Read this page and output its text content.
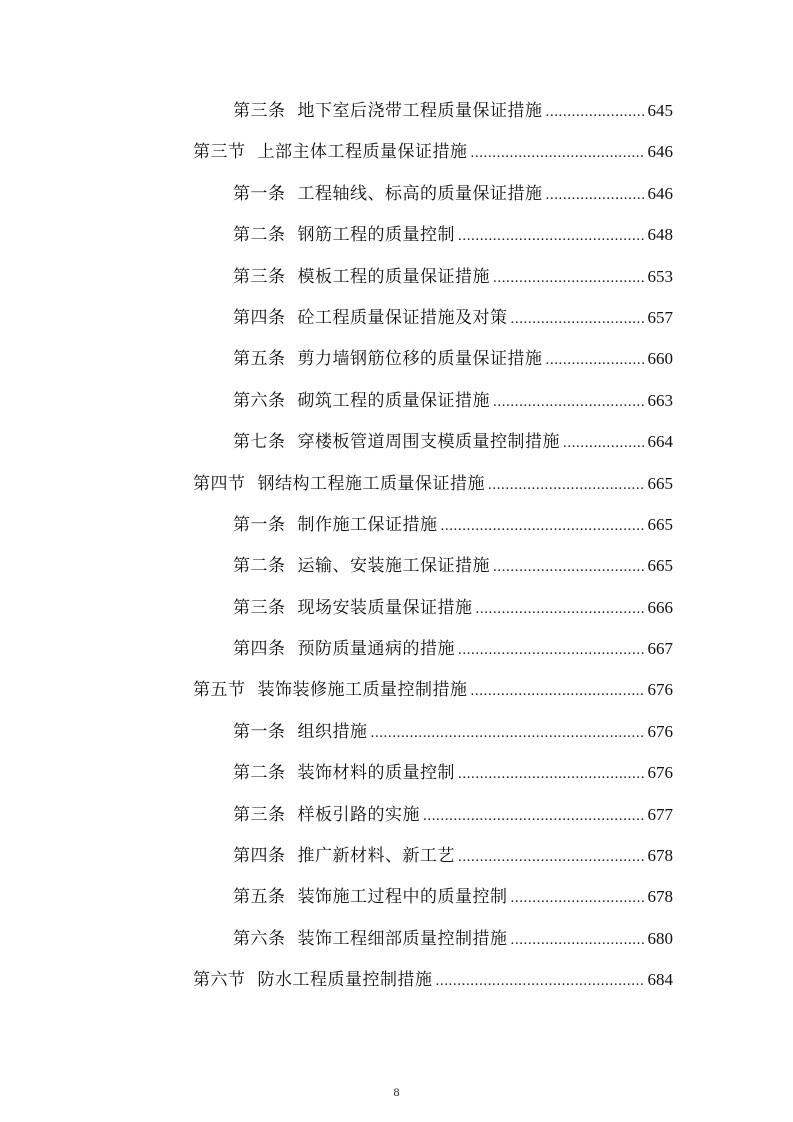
第三条 地下室后浇带工程质量保证措施 .....	645
第三节 上部主体工程质量保证措施 .....	646
第一条 工程轴线、标高的质量保证措施 .....	646
第二条 钢筋工程的质量控制 .....	648
第三条 模板工程的质量保证措施 .....	653
第四条 砼工程质量保证措施及对策 .....	657
第五条 剪力墙钢筋位移的质量保证措施 .....	660
第六条 砌筑工程的质量保证措施 .....	663
第七条 穿楼板管道周围支模质量控制措施 .....	664
第四节 钢结构工程施工质量保证措施 .....	665
第一条 制作施工保证措施 .....	665
第二条 运输、安装施工保证措施 .....	665
第三条 现场安装质量保证措施 .....	666
第四条 预防质量通病的措施 .....	667
第五节 装饰装修施工质量控制措施 .....	676
第一条 组织措施 .....	676
第二条 装饰材料的质量控制 .....	676
第三条 样板引路的实施 .....	677
第四条 推广新材料、新工艺 .....	678
第五条 装饰施工过程中的质量控制 .....	678
第六条 装饰工程细部质量控制措施 .....	680
第六节 防水工程质量控制措施 .....	684
8
